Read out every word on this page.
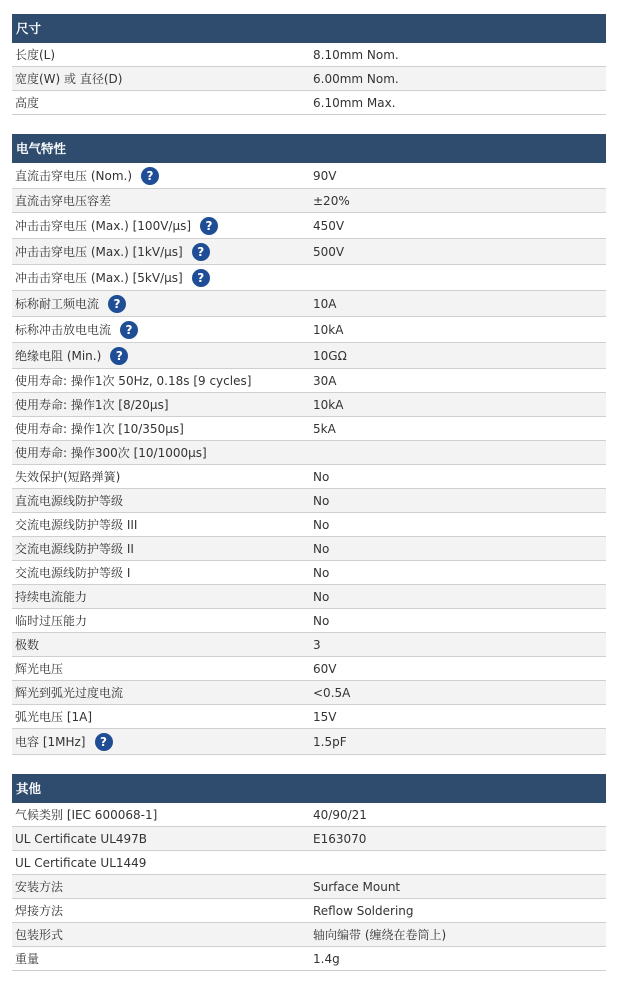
尺寸
长度(L)	8.10mm Nom.
宽度(W) 或 直径(D)	6.00mm Nom.
高度	6.10mm Max.
电气特性
直流击穿电压 (Nom.)	?	90V
直流击穿电压容差	±20%
冲击击穿电压 (Max.) [100V/µs]	?	450V
冲击击穿电压 (Max.) [1kV/µs]	?	500V
冲击击穿电压 (Max.) [5kV/µs]	?
标称耐工频电流	?	10A
标称冲击放电电流	?	10kA
绝缘电阻 (Min.)	?	10GΩ
使用寿命: 操作1次 50Hz, 0.18s [9 cycles]	30A
使用寿命: 操作1次 [8/20µs]	10kA
使用寿命: 操作1次 [10/350µs]	5kA
使用寿命: 操作300次 [10/1000µs]
失效保护(短路弹簧)	No
直流电源线防护等级	No
交流电源线防护等级 III	No
交流电源线防护等级 II	No
交流电源线防护等级 I	No
持续电流能力	No
临时过压能力	No
极数	3
辉光电压	60V
辉光到弧光过度电流	<0.5A
弧光电压 [1A]	15V
电容 [1MHz]	?	1.5pF
其他
气候类别 [IEC 600068-1]	40/90/21
UL Certificate UL497B	E163070
UL Certificate UL1449
安装方法	Surface Mount
焊接方法	Reflow Soldering
包装形式	轴向编带 (缠绕在卷筒上)
重量	1.4g
